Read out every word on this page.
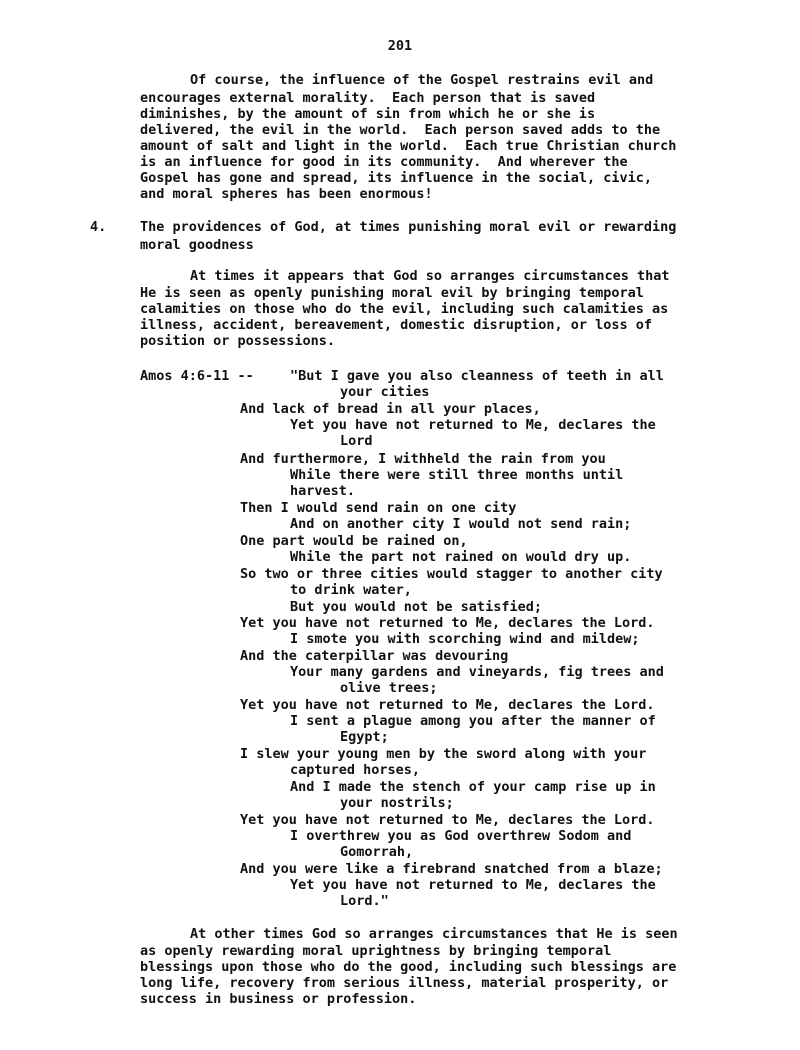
201
Of course, the influence of the Gospel restrains evil and
encourages external morality.  Each person that is saved
diminishes, by the amount of sin from which he or she is
delivered, the evil in the world.  Each person saved adds to the
amount of salt and light in the world.  Each true Christian church
is an influence for good in its community.  And wherever the
Gospel has gone and spread, its influence in the social, civic,
and moral spheres has been enormous!
4. The providences of God, at times punishing moral evil or rewarding
moral goodness
At times it appears that God so arranges circumstances that
He is seen as openly punishing moral evil by bringing temporal
calamities on those who do the evil, including such calamities as
illness, accident, bereavement, domestic disruption, or loss of
position or possessions.
Amos 4:6-11 --	"But I gave you also cleanness of teeth in all
your cities
And lack of bread in all your places,
Yet you have not returned to Me, declares the
Lord
And furthermore, I withheld the rain from you
While there were still three months until
harvest.
Then I would send rain on one city
And on another city I would not send rain;
One part would be rained on,
While the part not rained on would dry up.
So two or three cities would stagger to another city
to drink water,
But you would not be satisfied;
Yet you have not returned to Me, declares the Lord.
I smote you with scorching wind and mildew;
And the caterpillar was devouring
Your many gardens and vineyards, fig trees and
olive trees;
Yet you have not returned to Me, declares the Lord.
I sent a plague among you after the manner of
Egypt;
I slew your young men by the sword along with your
captured horses,
And I made the stench of your camp rise up in
your nostrils;
Yet you have not returned to Me, declares the Lord.
I overthrew you as God overthrew Sodom and
Gomorrah,
And you were like a firebrand snatched from a blaze;
Yet you have not returned to Me, declares the
Lord."
At other times God so arranges circumstances that He is seen
as openly rewarding moral uprightness by bringing temporal
blessings upon those who do the good, including such blessings are
long life, recovery from serious illness, material prosperity, or
success in business or profession.
